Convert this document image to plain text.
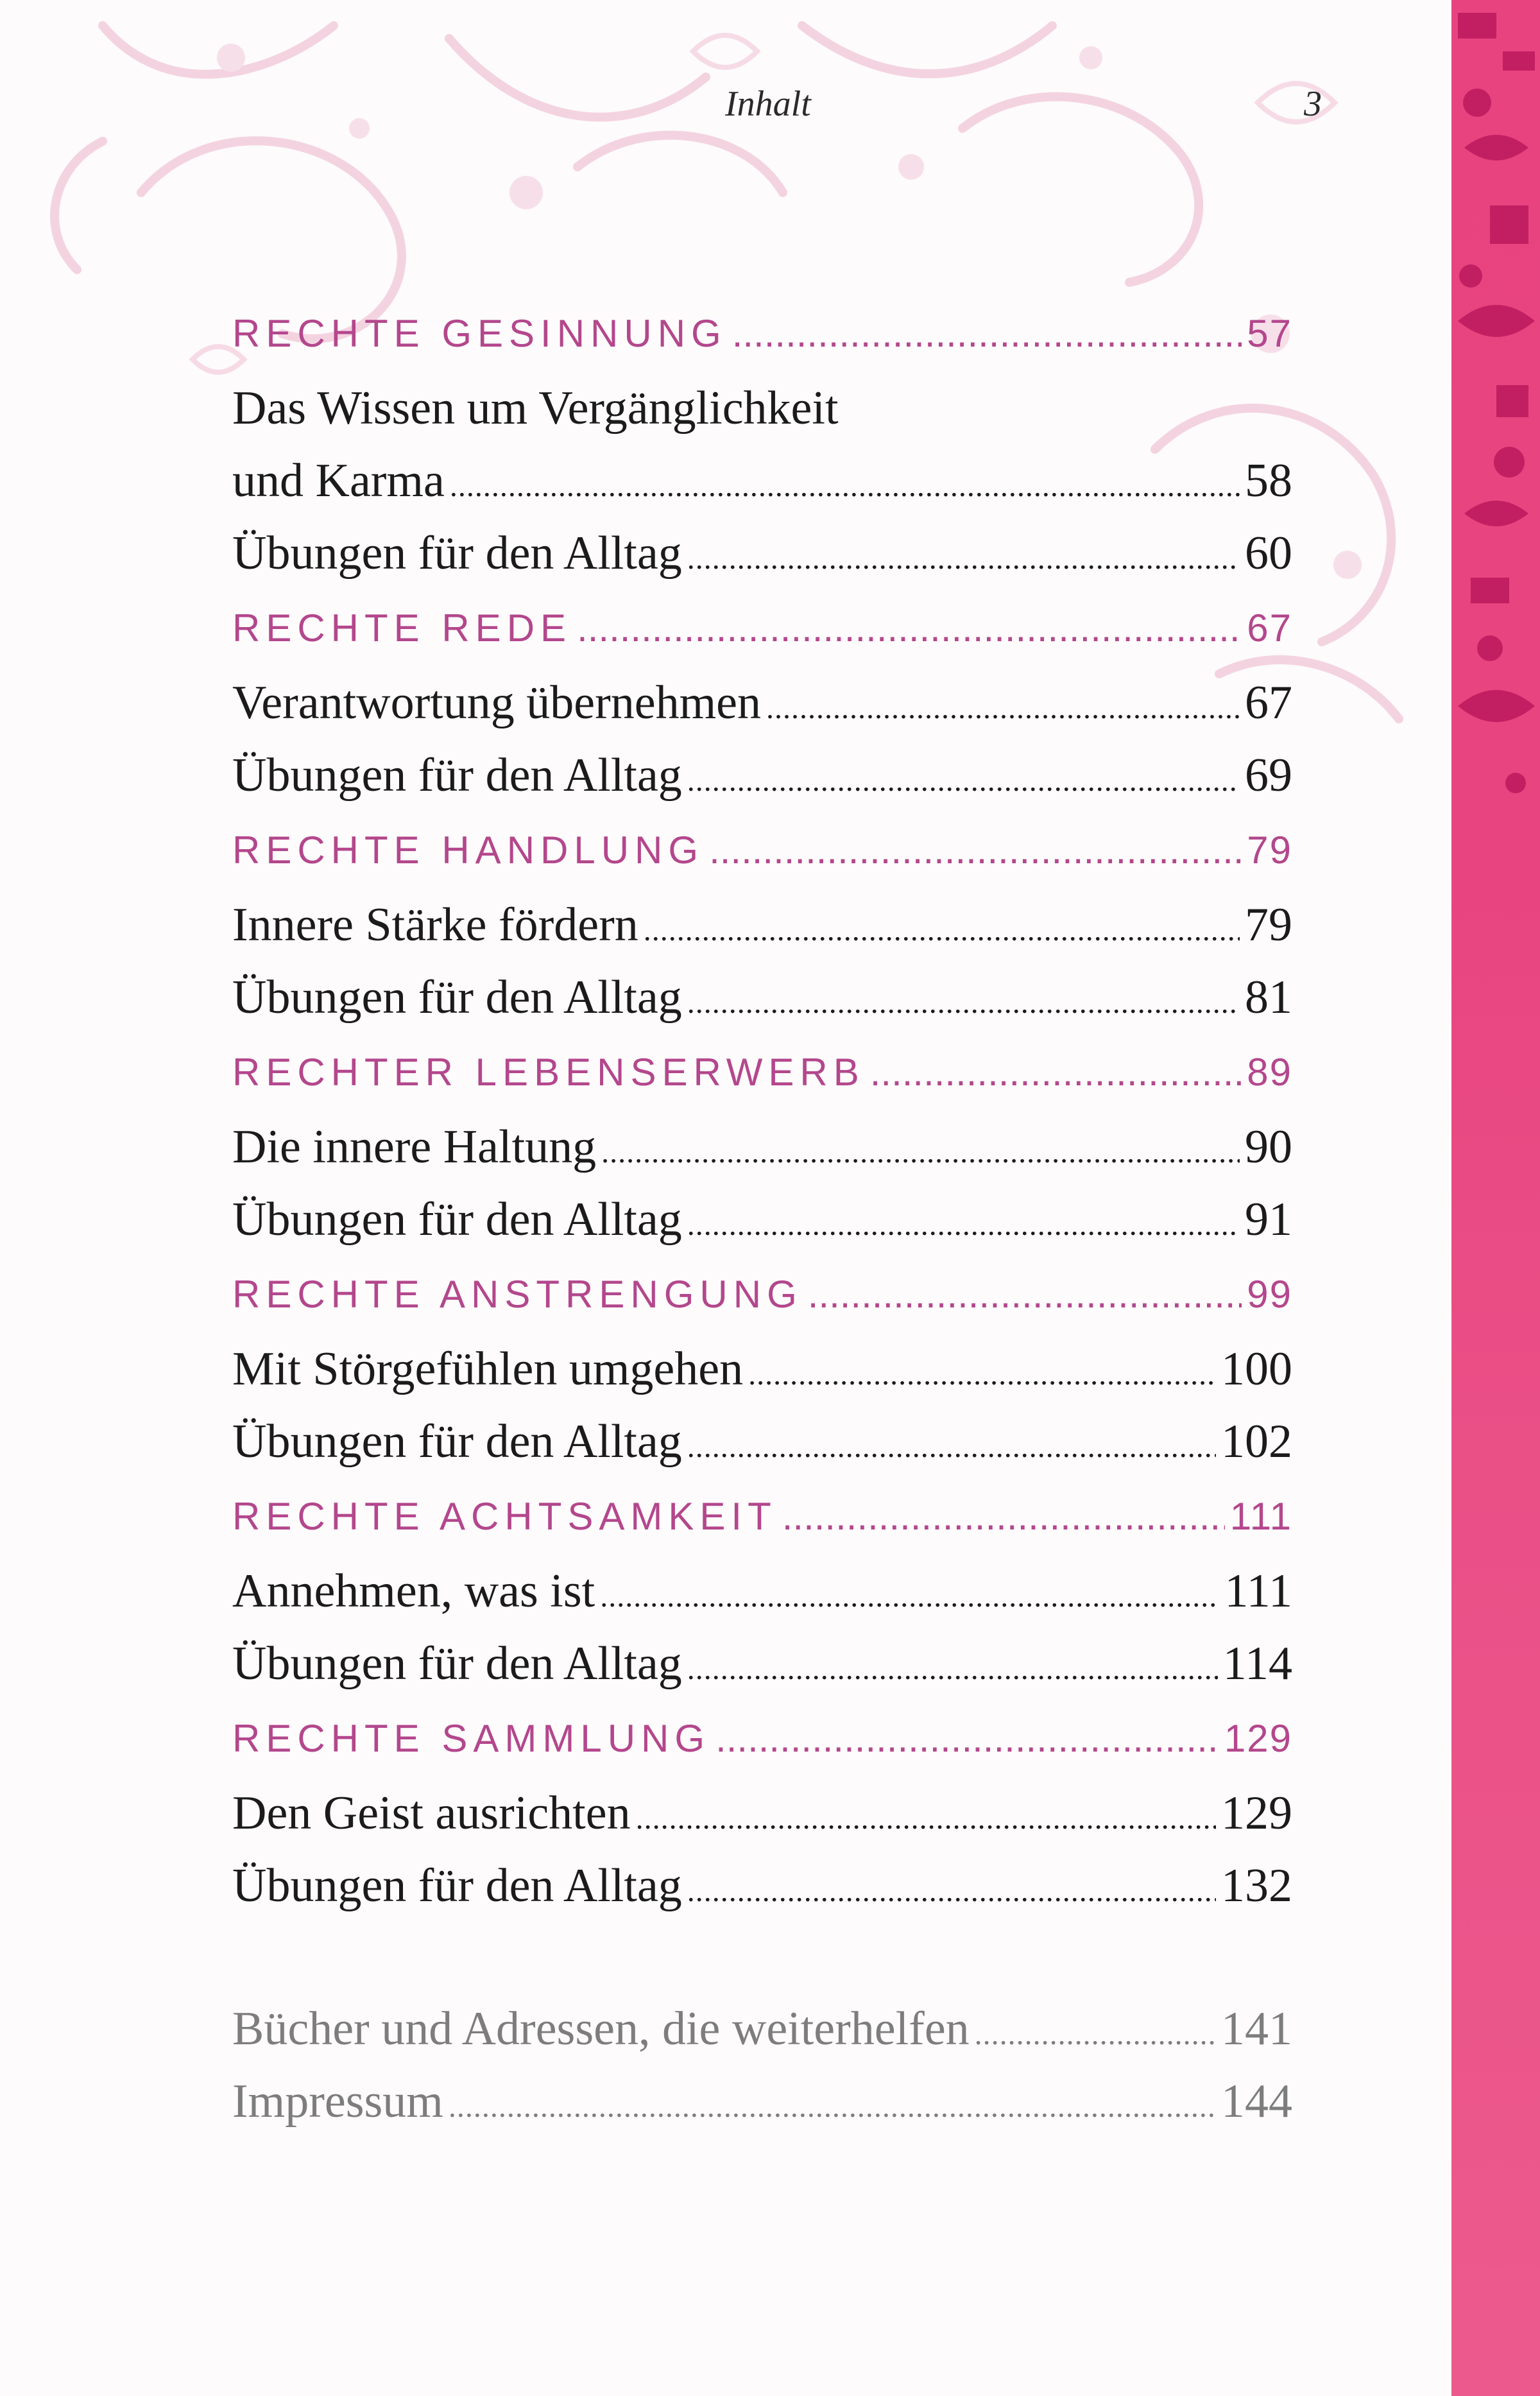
Inhalt	3
RECHTE GESINNUNG .....	57
Das Wissen um Vergänglichkeit
und Karma .....	58
Übungen für den Alltag .....	60
RECHTE REDE .....	67
Verantwortung übernehmen .....	67
Übungen für den Alltag .....	69
RECHTE HANDLUNG .....	79
Innere Stärke fördern .....	79
Übungen für den Alltag .....	81
RECHTER LEBENSERWERB .....	89
Die innere Haltung .....	90
Übungen für den Alltag .....	91
RECHTE ANSTRENGUNG .....	99
Mit Störgefühlen umgehen .....	100
Übungen für den Alltag .....	102
RECHTE ACHTSAMKEIT .....	111
Annehmen, was ist .....	111
Übungen für den Alltag .....	114
RECHTE SAMMLUNG .....	129
Den Geist ausrichten .....	129
Übungen für den Alltag .....	132
Bücher und Adressen, die weiterhelfen .....	141
Impressum .....	144
